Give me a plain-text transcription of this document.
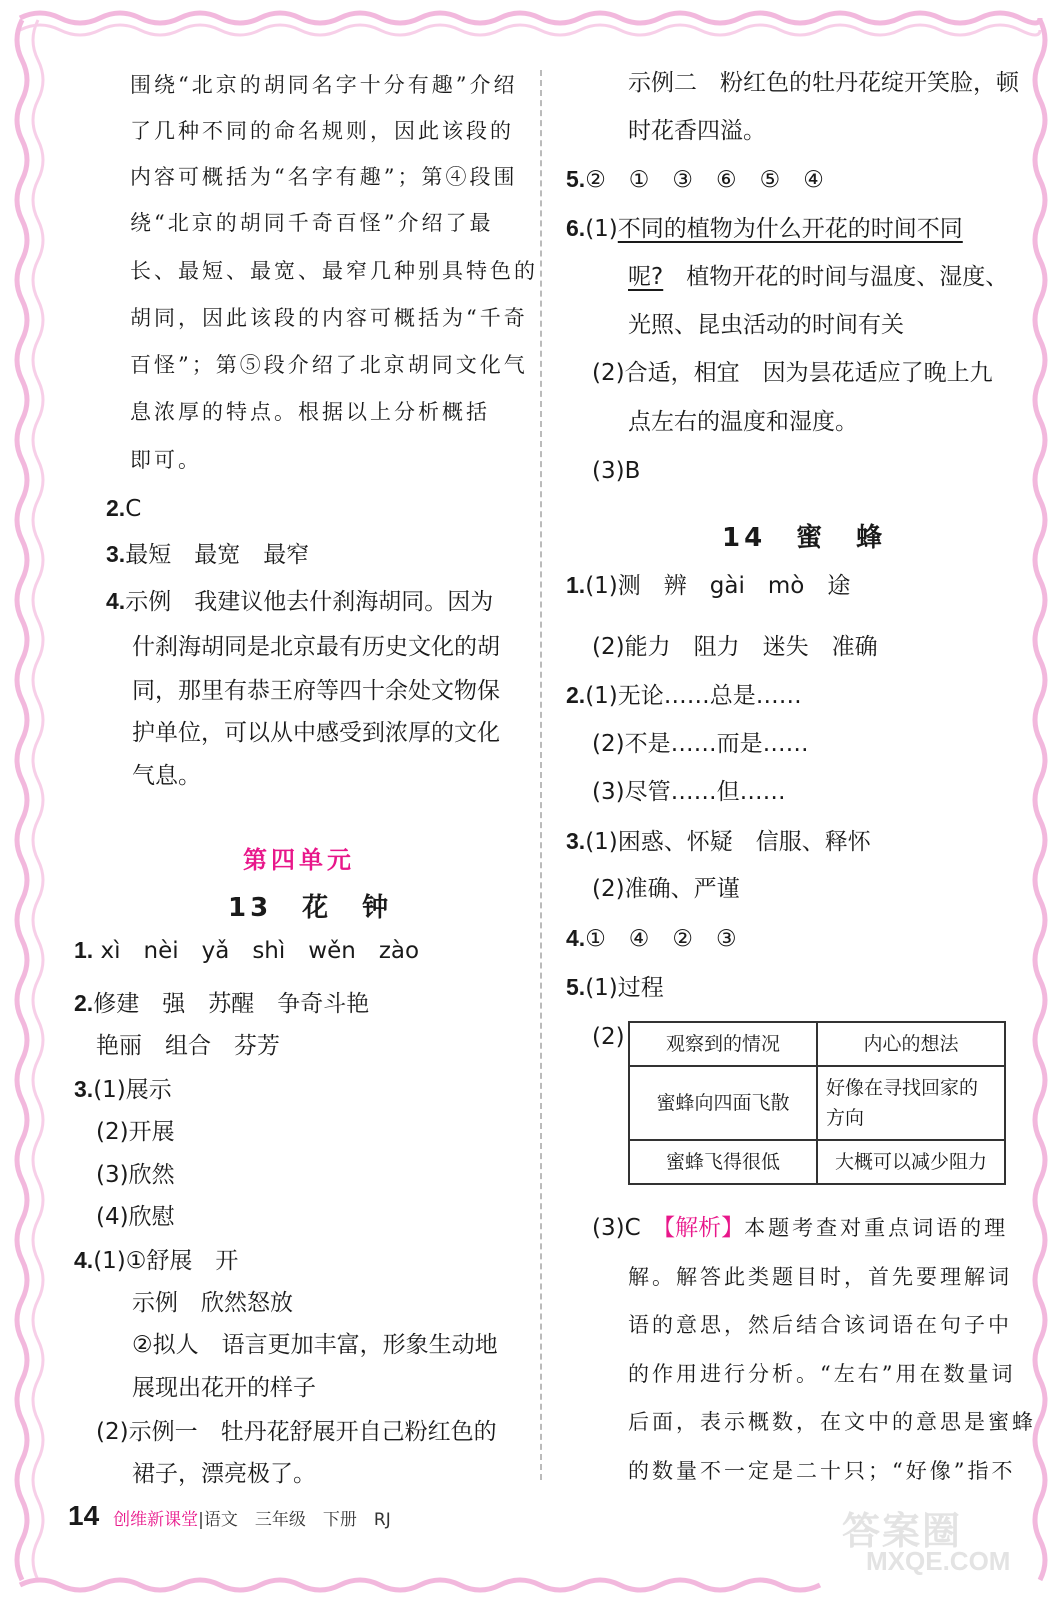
围绕“北京的胡同名字十分有趣”介绍
了几种不同的命名规则，因此该段的
内容可概括为“名字有趣”；第④段围
绕“北京的胡同千奇百怪”介绍了最
长、最短、最宽、最窄几种别具特色的
胡同，因此该段的内容可概括为“千奇
百怪”；第⑤段介绍了北京胡同文化气
息浓厚的特点。根据以上分析概括
即可。
2.C
3.最短　最宽　最窄
4.示例　我建议他去什刹海胡同。因为
什刹海胡同是北京最有历史文化的胡
同，那里有恭王府等四十余处文物保
护单位，可以从中感受到浓厚的文化
气息。
第四单元
13　花　钟
1. xì　nèi　yǎ　shì　wěn　zào
2.修建　强　苏醒　争奇斗艳
艳丽　组合　芬芳
3.(1)展示
(2)开展
(3)欣然
(4)欣慰
4.(1)①舒展　开
示例　欣然怒放
②拟人　语言更加丰富，形象生动地
展现出花开的样子
(2)示例一　牡丹花舒展开自己粉红色的
裙子，漂亮极了。
示例二　粉红色的牡丹花绽开笑脸，顿
时花香四溢。
5.②　①　③　⑥　⑤　④
6.(1)不同的植物为什么开花的时间不同
呢?　植物开花的时间与温度、湿度、
光照、昆虫活动的时间有关
(2)合适，相宜　因为昙花适应了晚上九
点左右的温度和湿度。
(3)B
14　蜜　蜂
1.(1)测　辨　gài　mò　途
(2)能力　阻力　迷失　准确
2.(1)无论……总是……
(2)不是……而是……
(3)尽管……但……
3.(1)困惑、怀疑　信服、释怀
(2)准确、严谨
4.①　④　②　③
5.(1)过程
(2) 观察到的情况	内心的想法
蜜蜂向四面飞散	好像在寻找回家的方向
蜜蜂飞得很低	大概可以减少阻力
(3)C　【解析】本题考查对重点词语的理
解。解答此类题目时，首先要理解词
语的意思，然后结合该词语在句子中
的作用进行分析。“左右”用在数量词
后面，表示概数，在文中的意思是蜜蜂
的数量不一定是二十只；“好像”指不
14 创维新课堂|语文　三年级　下册　RJ	答案圈
MXQE.COM
